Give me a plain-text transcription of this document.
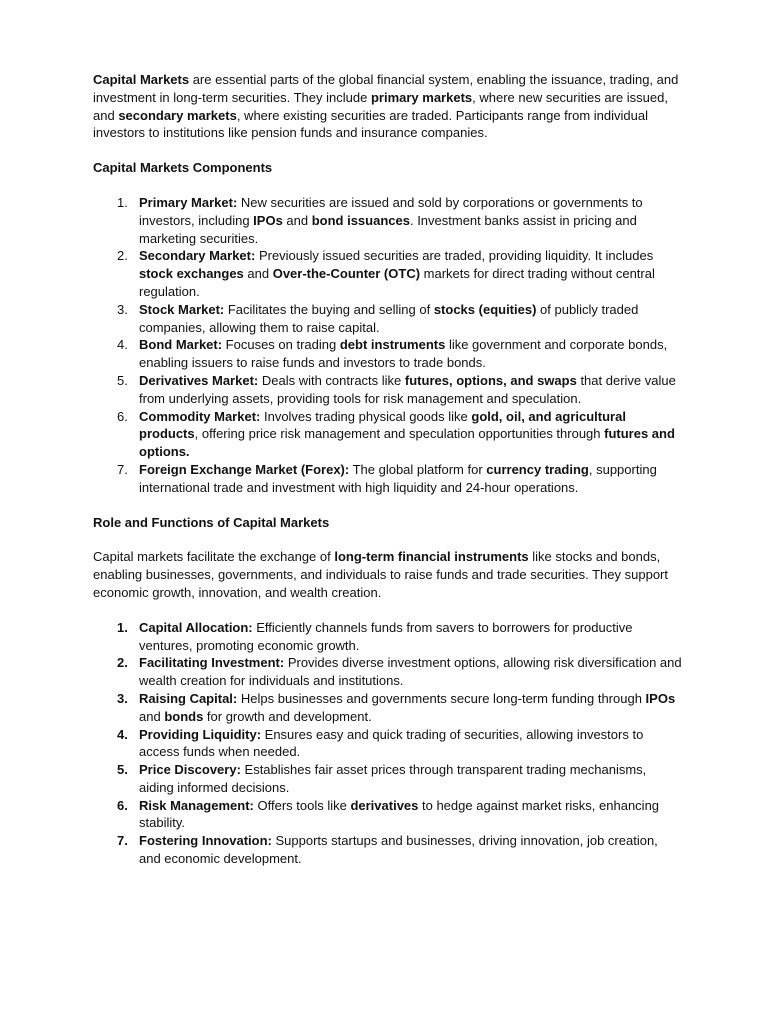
Capital Markets are essential parts of the global financial system, enabling the issuance, trading, and investment in long-term securities. They include primary markets, where new securities are issued, and secondary markets, where existing securities are traded. Participants range from individual investors to institutions like pension funds and insurance companies.

Capital Markets Components

1. Primary Market: New securities are issued and sold by corporations or governments to investors, including IPOs and bond issuances. Investment banks assist in pricing and marketing securities.
2. Secondary Market: Previously issued securities are traded, providing liquidity. It includes stock exchanges and Over-the-Counter (OTC) markets for direct trading without central regulation.
3. Stock Market: Facilitates the buying and selling of stocks (equities) of publicly traded companies, allowing them to raise capital.
4. Bond Market: Focuses on trading debt instruments like government and corporate bonds, enabling issuers to raise funds and investors to trade bonds.
5. Derivatives Market: Deals with contracts like futures, options, and swaps that derive value from underlying assets, providing tools for risk management and speculation.
6. Commodity Market: Involves trading physical goods like gold, oil, and agricultural products, offering price risk management and speculation opportunities through futures and options.
7. Foreign Exchange Market (Forex): The global platform for currency trading, supporting international trade and investment with high liquidity and 24-hour operations.

Role and Functions of Capital Markets

Capital markets facilitate the exchange of long-term financial instruments like stocks and bonds, enabling businesses, governments, and individuals to raise funds and trade securities. They support economic growth, innovation, and wealth creation.

1. Capital Allocation: Efficiently channels funds from savers to borrowers for productive ventures, promoting economic growth.
2. Facilitating Investment: Provides diverse investment options, allowing risk diversification and wealth creation for individuals and institutions.
3. Raising Capital: Helps businesses and governments secure long-term funding through IPOs and bonds for growth and development.
4. Providing Liquidity: Ensures easy and quick trading of securities, allowing investors to access funds when needed.
5. Price Discovery: Establishes fair asset prices through transparent trading mechanisms, aiding informed decisions.
6. Risk Management: Offers tools like derivatives to hedge against market risks, enhancing stability.
7. Fostering Innovation: Supports startups and businesses, driving innovation, job creation, and economic development.
